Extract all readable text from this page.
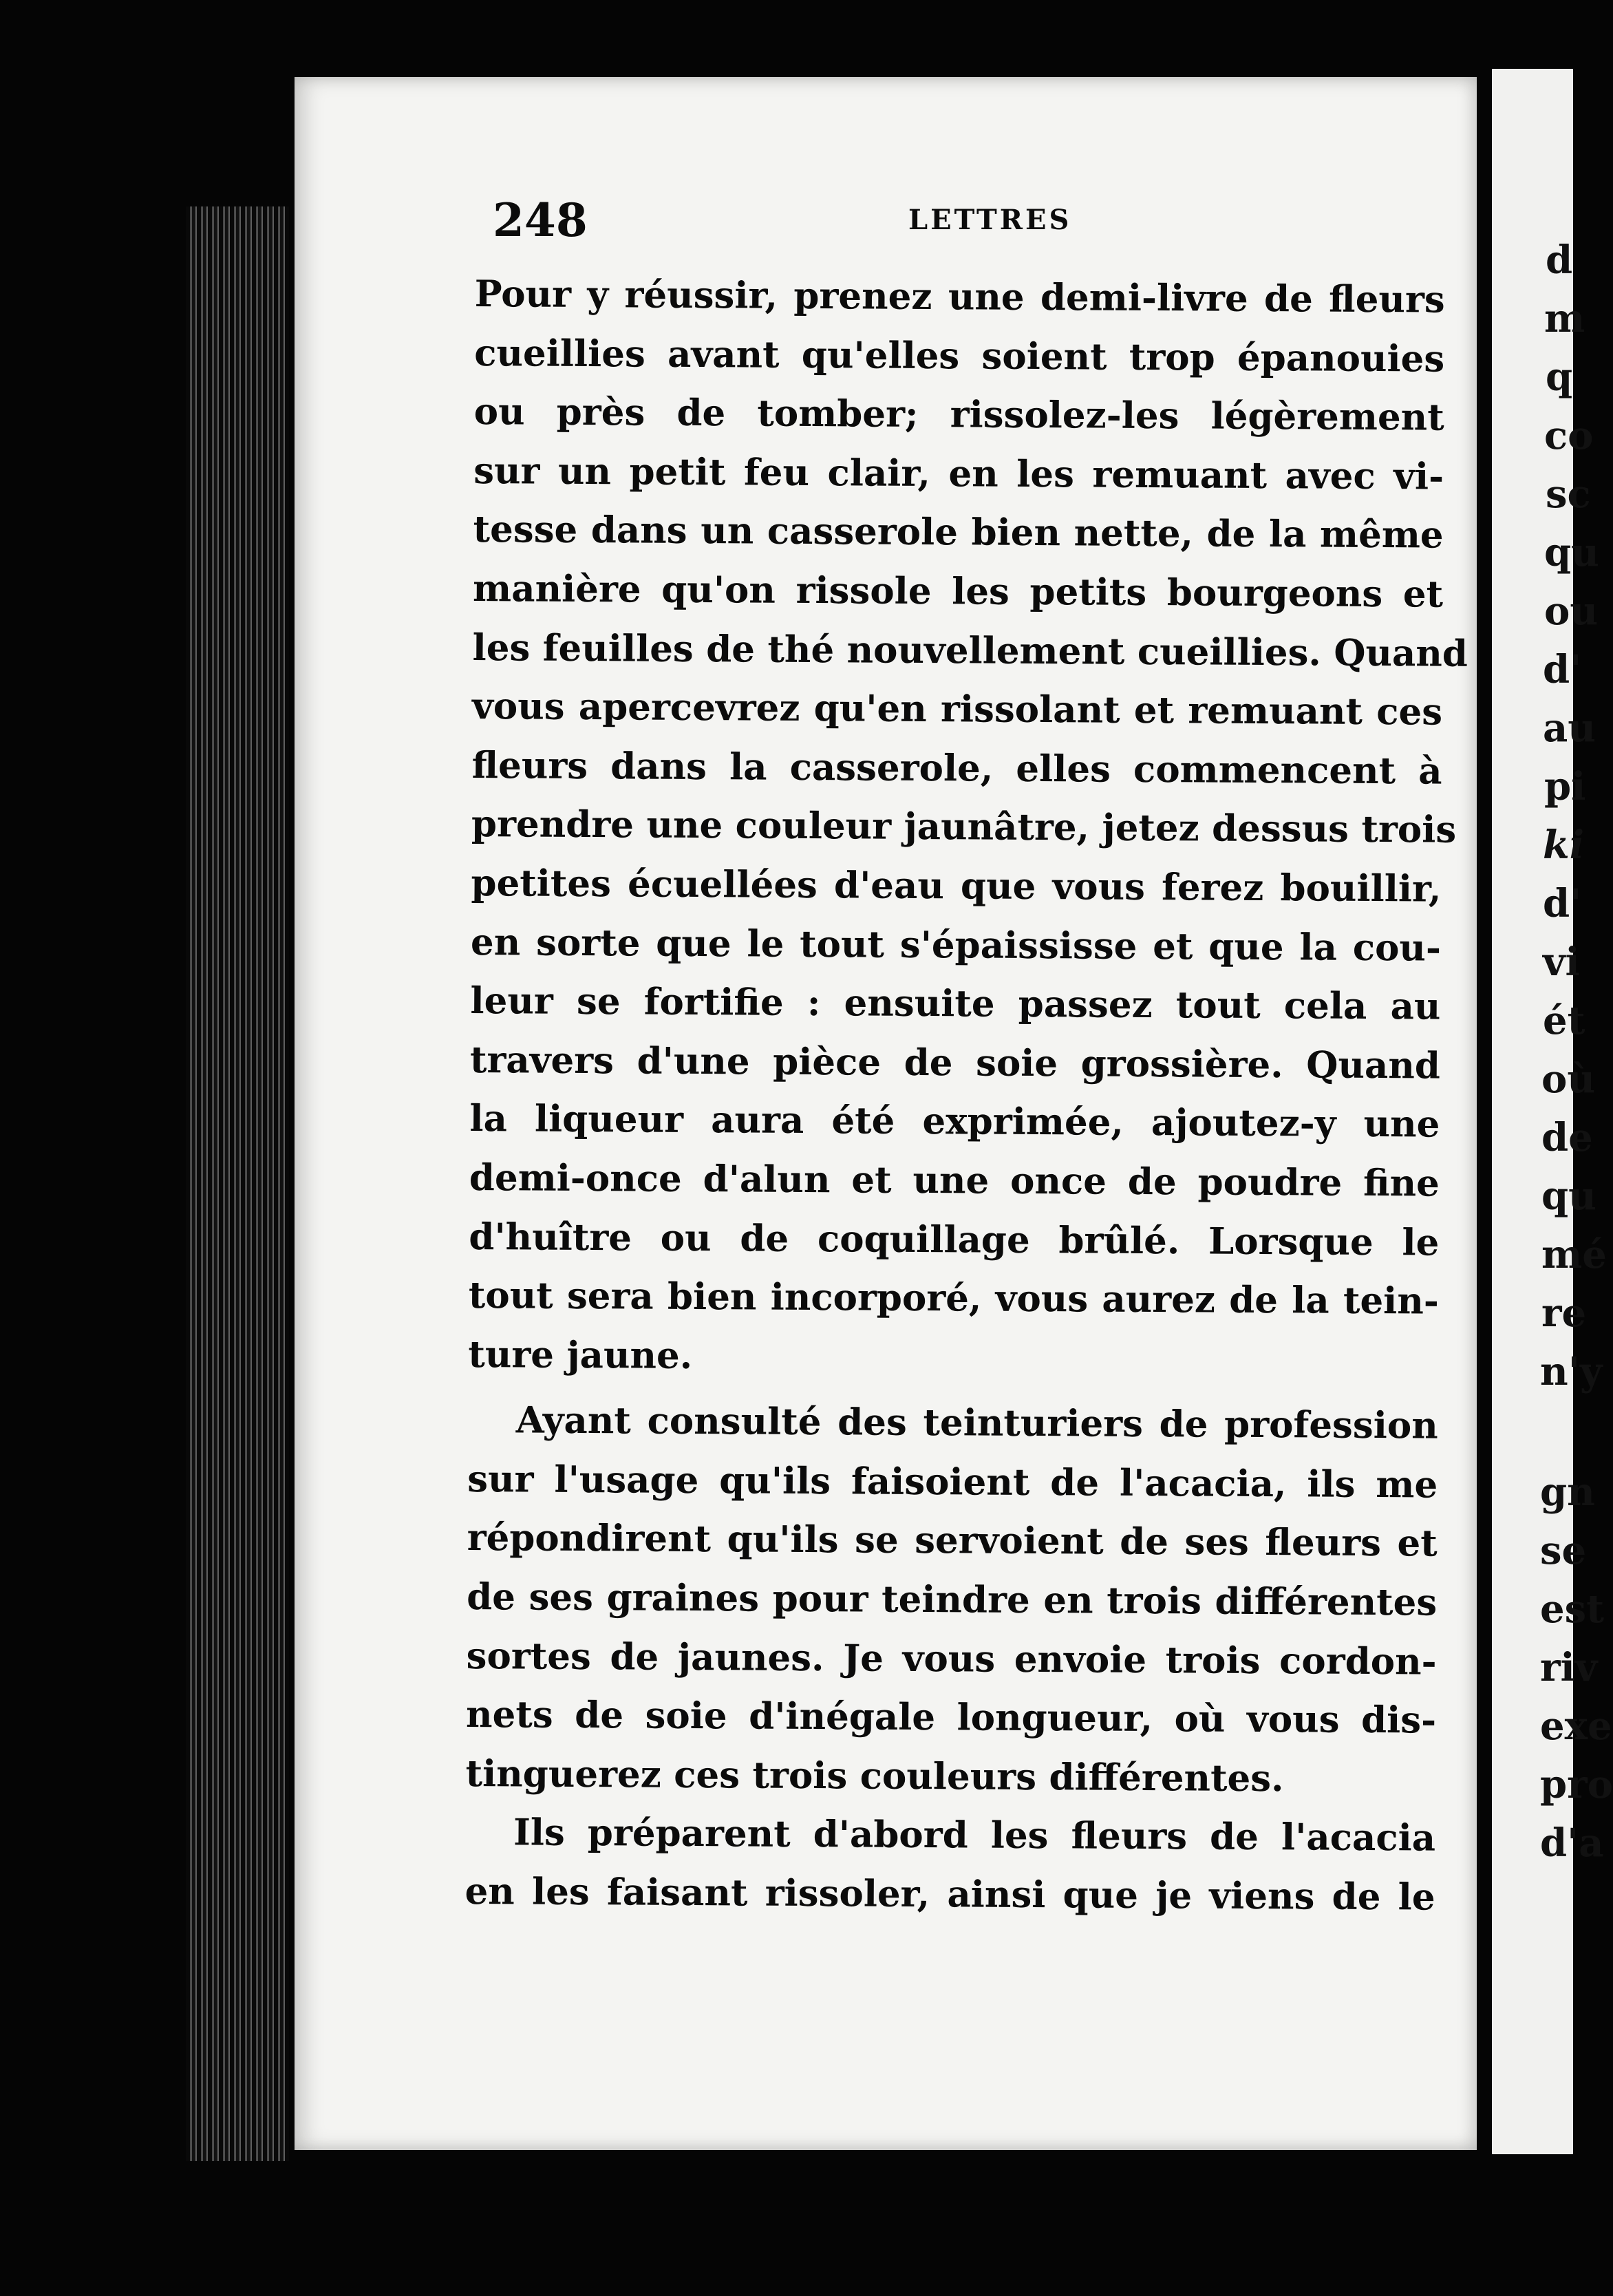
248	LETTRES
Pour y réussir, prenez une demi-livre de fleurs
cueillies avant qu'elles soient trop épanouies
ou près de tomber; rissolez-les légèrement
sur un petit feu clair, en les remuant avec vi-
tesse dans un casserole bien nette, de la même
manière qu'on rissole les petits bourgeons et
les feuilles de thé nouvellement cueillies. Quand
vous apercevrez qu'en rissolant et remuant ces
fleurs dans la casserole, elles commencent à
prendre une couleur jaunâtre, jetez dessus trois
petites écuellées d'eau que vous ferez bouillir,
en sorte que le tout s'épaississe et que la cou-
leur se fortifie : ensuite passez tout cela au
travers d'une pièce de soie grossière. Quand
la liqueur aura été exprimée, ajoutez-y une
demi-once d'alun et une once de poudre fine
d'huître ou de coquillage brûlé. Lorsque le
tout sera bien incorporé, vous aurez de la tein-
ture jaune.
Ayant consulté des teinturiers de profession
sur l'usage qu'ils faisoient de l'acacia, ils me
répondirent qu'ils se servoient de ses fleurs et
de ses graines pour teindre en trois différentes
sortes de jaunes. Je vous envoie trois cordon-
nets de soie d'inégale longueur, où vous dis-
tinguerez ces trois couleurs différentes.
Ils préparent d'abord les fleurs de l'acacia
en les faisant rissoler, ainsi que je viens de le
d
m
q
co
sc
qu
ou
d'
au
pi
ki
d'
vi
ét
où
de
qu
mé
re
n'y
gn
se
est
riv
exe
pro
d'a
